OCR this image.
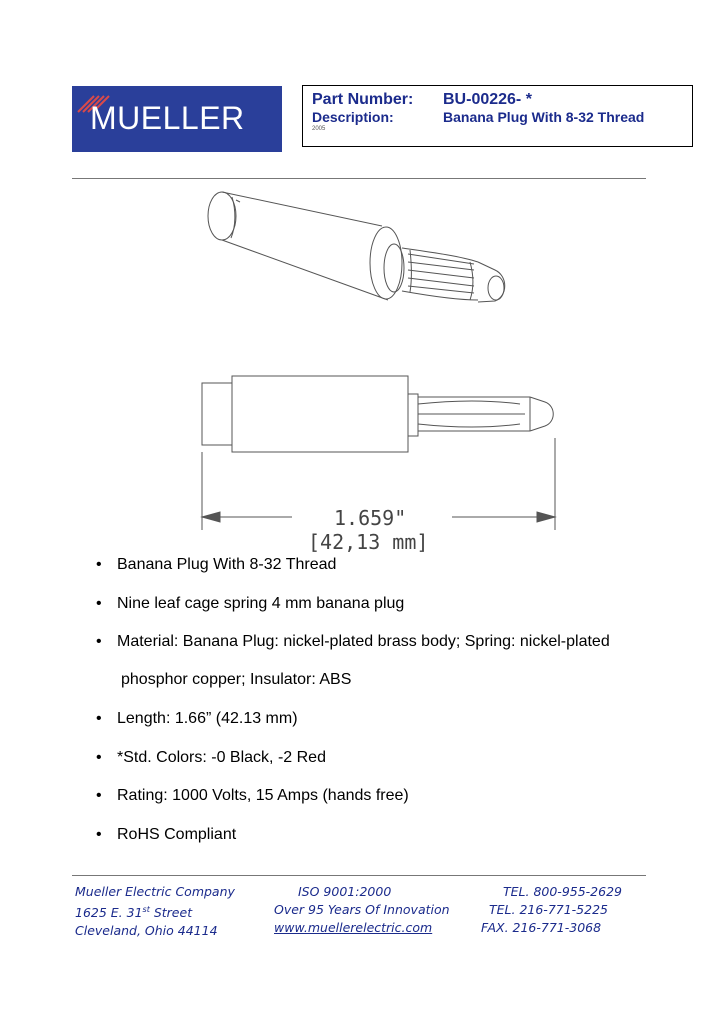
MUELLER
Part Number: BU-00226- *
Description:	Banana Plug With 8-32 Thread
2005
1.659"
[42,13 mm]
• Banana Plug With 8-32 Thread
• Nine leaf cage spring 4 mm banana plug
• Material: Banana Plug: nickel-plated brass body; Spring: nickel-plated
phosphor copper; Insulator: ABS
• Length: 1.66” (42.13 mm)
• *Std. Colors: -0 Black, -2 Red
• Rating: 1000 Volts, 15 Amps (hands free)
• RoHS Compliant
Mueller Electric Company
1625 E. 31st Street
Cleveland, Ohio 44114
ISO 9001:2000
Over 95 Years Of Innovation
www.muellerelectric.com
TEL. 800-955-2629
TEL. 216-771-5225
FAX. 216-771-3068
